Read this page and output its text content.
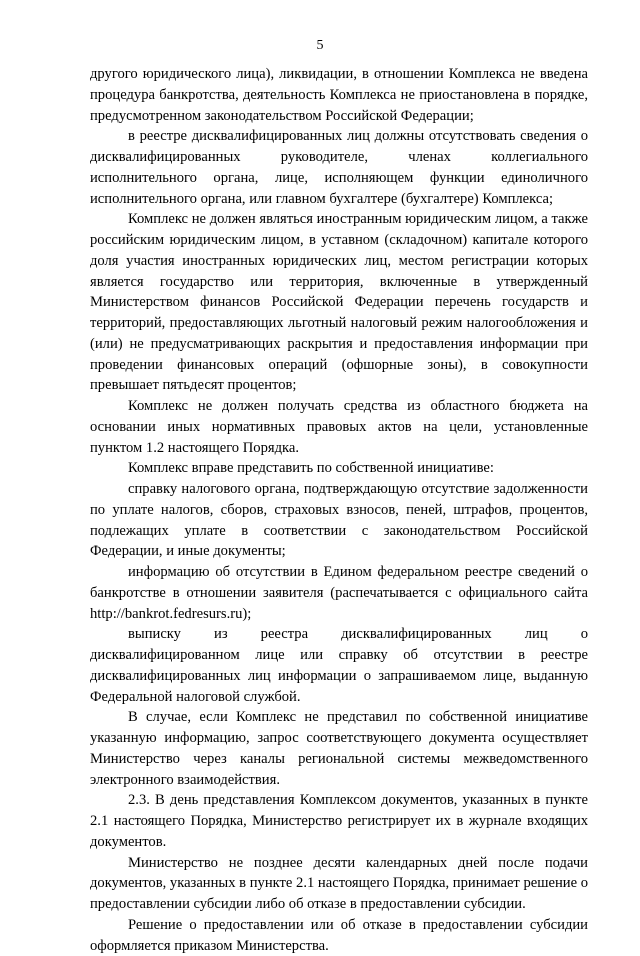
5

другого юридического лица), ликвидации, в отношении Комплекса не введена процедура банкротства, деятельность Комплекса не приостановлена в порядке, предусмотренном законодательством Российской Федерации;

в реестре дисквалифицированных лиц должны отсутствовать сведения о дисквалифицированных руководителе, членах коллегиального исполнительного органа, лице, исполняющем функции единоличного исполнительного органа, или главном бухгалтере (бухгалтере) Комплекса;

Комплекс не должен являться иностранным юридическим лицом, а также российским юридическим лицом, в уставном (складочном) капитале которого доля участия иностранных юридических лиц, местом регистрации которых является государство или территория, включенные в утвержденный Министерством финансов Российской Федерации перечень государств и территорий, предоставляющих льготный налоговый режим налогообложения и (или) не предусматривающих раскрытия и предоставления информации при проведении финансовых операций (офшорные зоны), в совокупности превышает пятьдесят процентов;

Комплекс не должен получать средства из областного бюджета на основании иных нормативных правовых актов на цели, установленные пунктом 1.2 настоящего Порядка.

Комплекс вправе представить по собственной инициативе:

справку налогового органа, подтверждающую отсутствие задолженности по уплате налогов, сборов, страховых взносов, пеней, штрафов, процентов, подлежащих уплате в соответствии с законодательством Российской Федерации, и иные документы;

информацию об отсутствии в Едином федеральном реестре сведений о банкротстве в отношении заявителя (распечатывается с официального сайта http://bankrot.fedresurs.ru);

выписку из реестра дисквалифицированных лиц о дисквалифицированном лице или справку об отсутствии в реестре дисквалифицированных лиц информации о запрашиваемом лице, выданную Федеральной налоговой службой.

В случае, если Комплекс не представил по собственной инициативе указанную информацию, запрос соответствующего документа осуществляет Министерство через каналы региональной системы межведомственного электронного взаимодействия.

2.3. В день представления Комплексом документов, указанных в пункте 2.1 настоящего Порядка, Министерство регистрирует их в журнале входящих документов.

Министерство не позднее десяти календарных дней после подачи документов, указанных в пункте 2.1 настоящего Порядка, принимает решение о предоставлении субсидии либо об отказе в предоставлении субсидии.

Решение о предоставлении или об отказе в предоставлении субсидии оформляется приказом Министерства.
